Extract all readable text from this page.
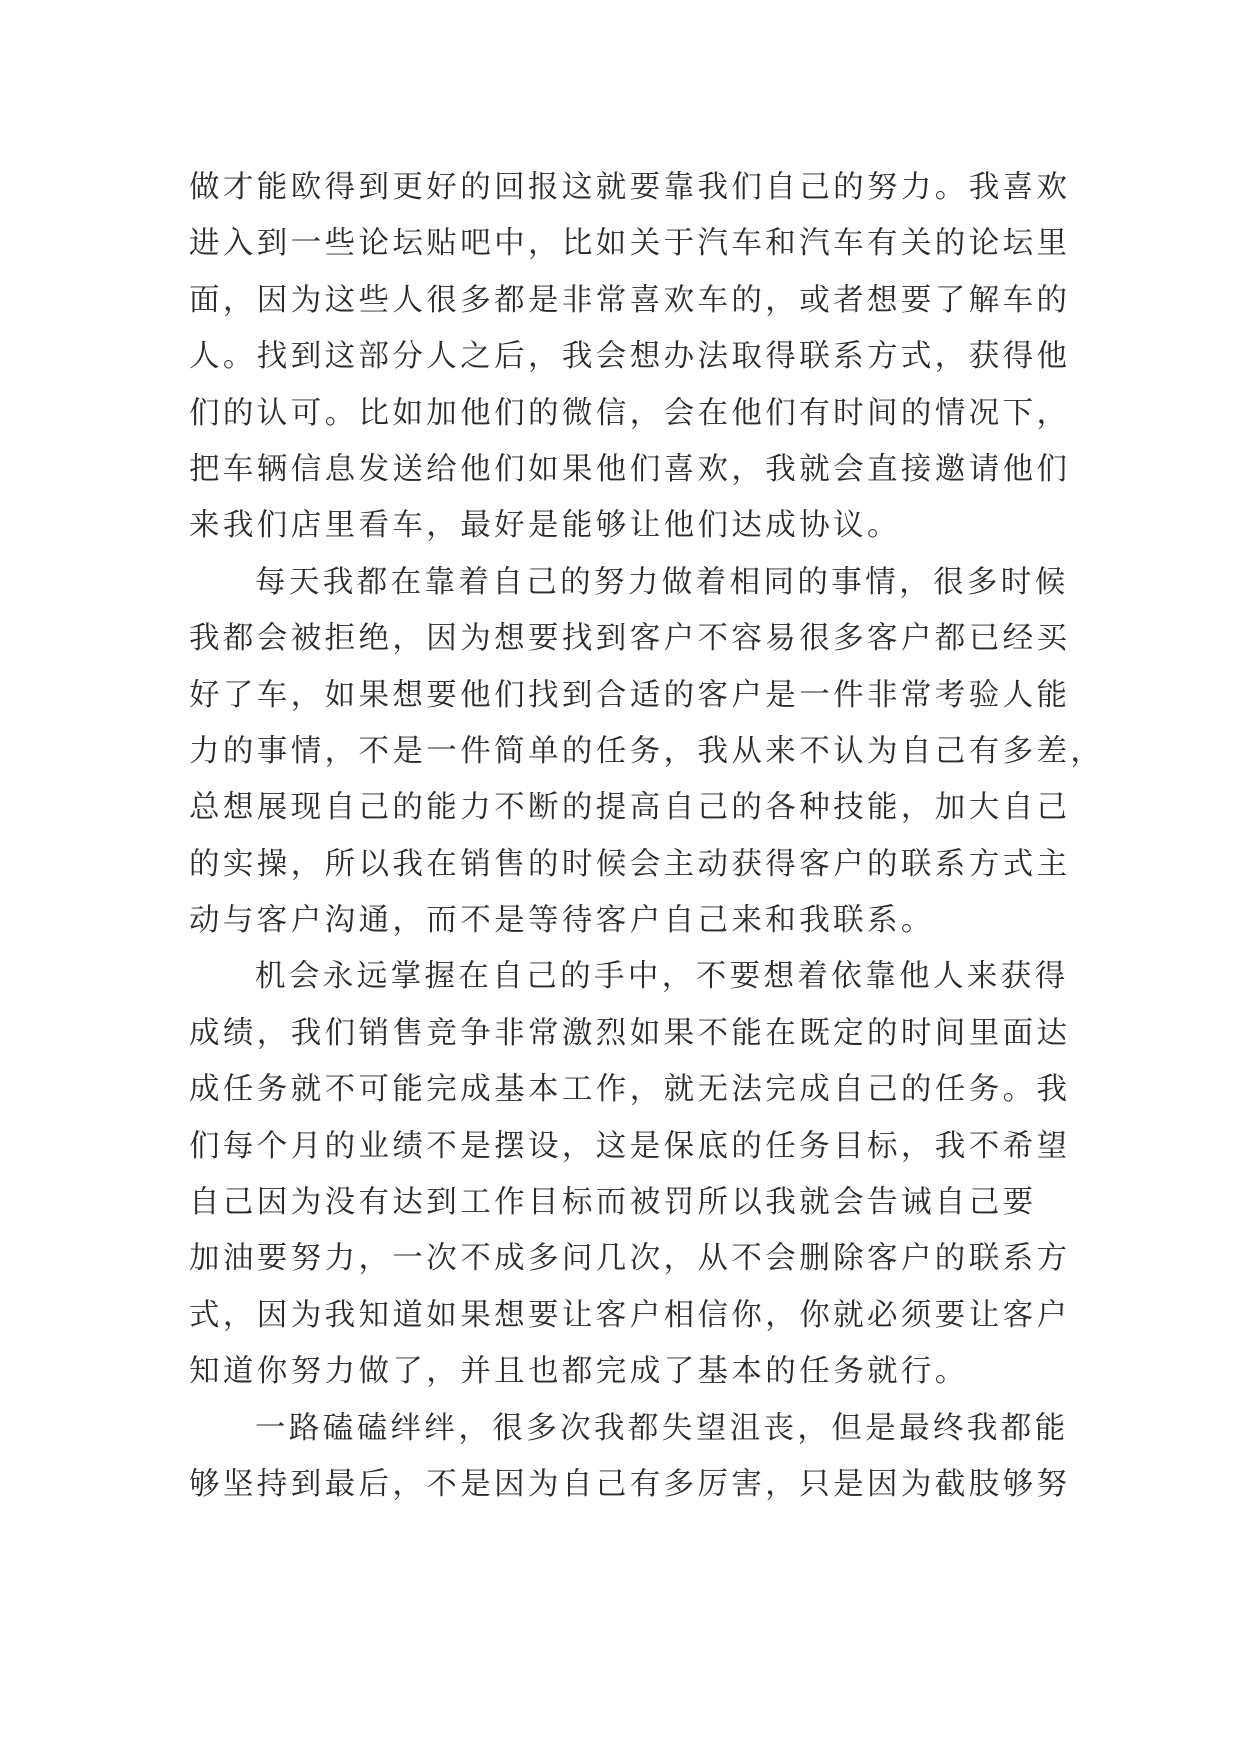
做才能欧得到更好的回报这就要靠我们自己的努力。我喜欢
进入到一些论坛贴吧中，比如关于汽车和汽车有关的论坛里
面，因为这些人很多都是非常喜欢车的，或者想要了解车的
人。找到这部分人之后，我会想办法取得联系方式，获得他
们的认可。比如加他们的微信，会在他们有时间的情况下，
把车辆信息发送给他们如果他们喜欢，我就会直接邀请他们
来我们店里看车，最好是能够让他们达成协议。
每天我都在靠着自己的努力做着相同的事情，很多时候
我都会被拒绝，因为想要找到客户不容易很多客户都已经买
好了车，如果想要他们找到合适的客户是一件非常考验人能
力的事情，不是一件简单的任务，我从来不认为自己有多差，
总想展现自己的能力不断的提高自己的各种技能，加大自己
的实操，所以我在销售的时候会主动获得客户的联系方式主
动与客户沟通，而不是等待客户自己来和我联系。
机会永远掌握在自己的手中，不要想着依靠他人来获得
成绩，我们销售竞争非常激烈如果不能在既定的时间里面达
成任务就不可能完成基本工作，就无法完成自己的任务。我
们每个月的业绩不是摆设，这是保底的任务目标，我不希望
自己因为没有达到工作目标而被罚所以我就会告诫自己要
加油要努力，一次不成多问几次，从不会删除客户的联系方
式，因为我知道如果想要让客户相信你，你就必须要让客户
知道你努力做了，并且也都完成了基本的任务就行。
一路磕磕绊绊，很多次我都失望沮丧，但是最终我都能
够坚持到最后，不是因为自己有多厉害，只是因为截肢够努
